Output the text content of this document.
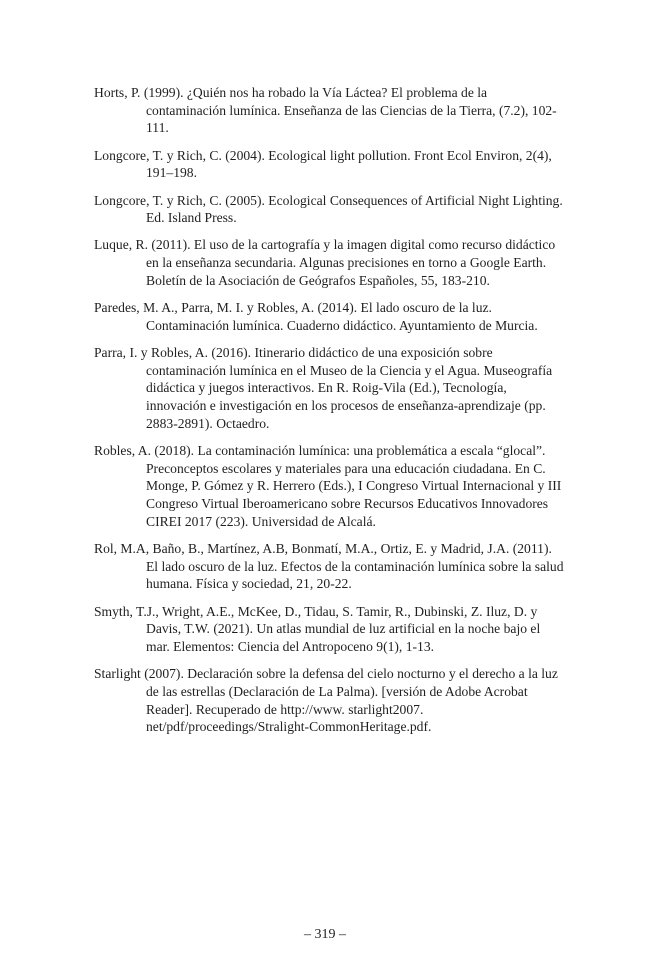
Horts, P. (1999). ¿Quién nos ha robado la Vía Láctea? El problema de la contaminación lumínica. Enseñanza de las Ciencias de la Tierra, (7.2), 102-111.
Longcore, T. y Rich, C. (2004). Ecological light pollution. Front Ecol Environ, 2(4), 191–198.
Longcore, T. y Rich, C. (2005). Ecological Consequences of Artificial Night Lighting. Ed. Island Press.
Luque, R. (2011). El uso de la cartografía y la imagen digital como recurso didáctico en la enseñanza secundaria. Algunas precisiones en torno a Google Earth. Boletín de la Asociación de Geógrafos Españoles, 55, 183-210.
Paredes, M. A., Parra, M. I. y Robles, A. (2014). El lado oscuro de la luz. Contaminación lumínica. Cuaderno didáctico. Ayuntamiento de Murcia.
Parra, I. y Robles, A. (2016). Itinerario didáctico de una exposición sobre contaminación lumínica en el Museo de la Ciencia y el Agua. Museografía didáctica y juegos interactivos. En R. Roig-Vila (Ed.), Tecnología, innovación e investigación en los procesos de enseñanza-aprendizaje (pp. 2883-2891). Octaedro.
Robles, A. (2018). La contaminación lumínica: una problemática a escala “glocal”. Preconceptos escolares y materiales para una educación ciudadana. En C. Monge, P. Gómez y R. Herrero (Eds.), I Congreso Virtual Internacional y III Congreso Virtual Iberoamericano sobre Recursos Educativos Innovadores CIREI 2017 (223). Universidad de Alcalá.
Rol, M.A, Baño, B., Martínez, A.B, Bonmatí, M.A., Ortiz, E. y Madrid, J.A. (2011). El lado oscuro de la luz. Efectos de la contaminación lumínica sobre la salud humana. Física y sociedad, 21, 20-22.
Smyth, T.J., Wright, A.E., McKee, D., Tidau, S. Tamir, R., Dubinski, Z. Iluz, D. y Davis, T.W. (2021). Un atlas mundial de luz artificial en la noche bajo el mar. Elementos: Ciencia del Antropoceno 9(1), 1-13.
Starlight (2007). Declaración sobre la defensa del cielo nocturno y el derecho a la luz de las estrellas (Declaración de La Palma). [versión de Adobe Acrobat Reader]. Recuperado de http://www. starlight2007. net/pdf/proceedings/Stralight-CommonHeritage.pdf.
– 319 –
